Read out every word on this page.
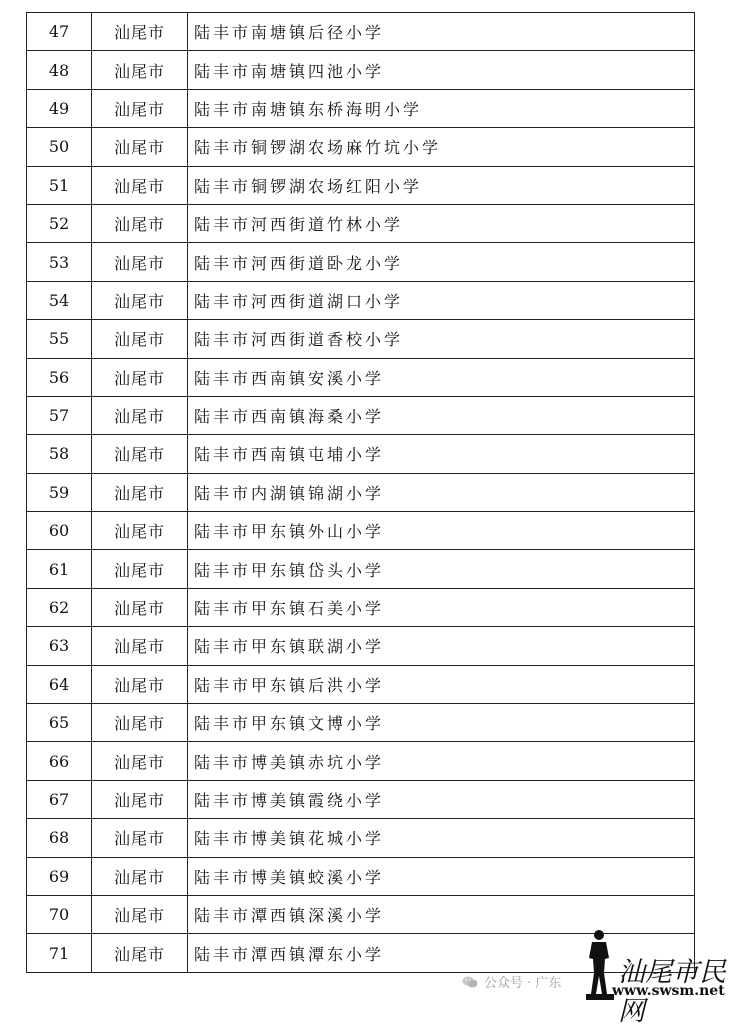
47	汕尾市	陆丰市南塘镇后径小学
48	汕尾市	陆丰市南塘镇四池小学
49	汕尾市	陆丰市南塘镇东桥海明小学
50	汕尾市	陆丰市铜锣湖农场麻竹坑小学
51	汕尾市	陆丰市铜锣湖农场红阳小学
52	汕尾市	陆丰市河西街道竹林小学
53	汕尾市	陆丰市河西街道卧龙小学
54	汕尾市	陆丰市河西街道湖口小学
55	汕尾市	陆丰市河西街道香校小学
56	汕尾市	陆丰市西南镇安溪小学
57	汕尾市	陆丰市西南镇海桑小学
58	汕尾市	陆丰市西南镇屯埔小学
59	汕尾市	陆丰市内湖镇锦湖小学
60	汕尾市	陆丰市甲东镇外山小学
61	汕尾市	陆丰市甲东镇岱头小学
62	汕尾市	陆丰市甲东镇石美小学
63	汕尾市	陆丰市甲东镇联湖小学
64	汕尾市	陆丰市甲东镇后洪小学
65	汕尾市	陆丰市甲东镇文博小学
66	汕尾市	陆丰市博美镇赤坑小学
67	汕尾市	陆丰市博美镇霞绕小学
68	汕尾市	陆丰市博美镇花城小学
69	汕尾市	陆丰市博美镇蛟溪小学
70	汕尾市	陆丰市潭西镇深溪小学
71	汕尾市	陆丰市潭西镇潭东小学
公众号 · 广东 汕尾市民网
www.swsm.net
